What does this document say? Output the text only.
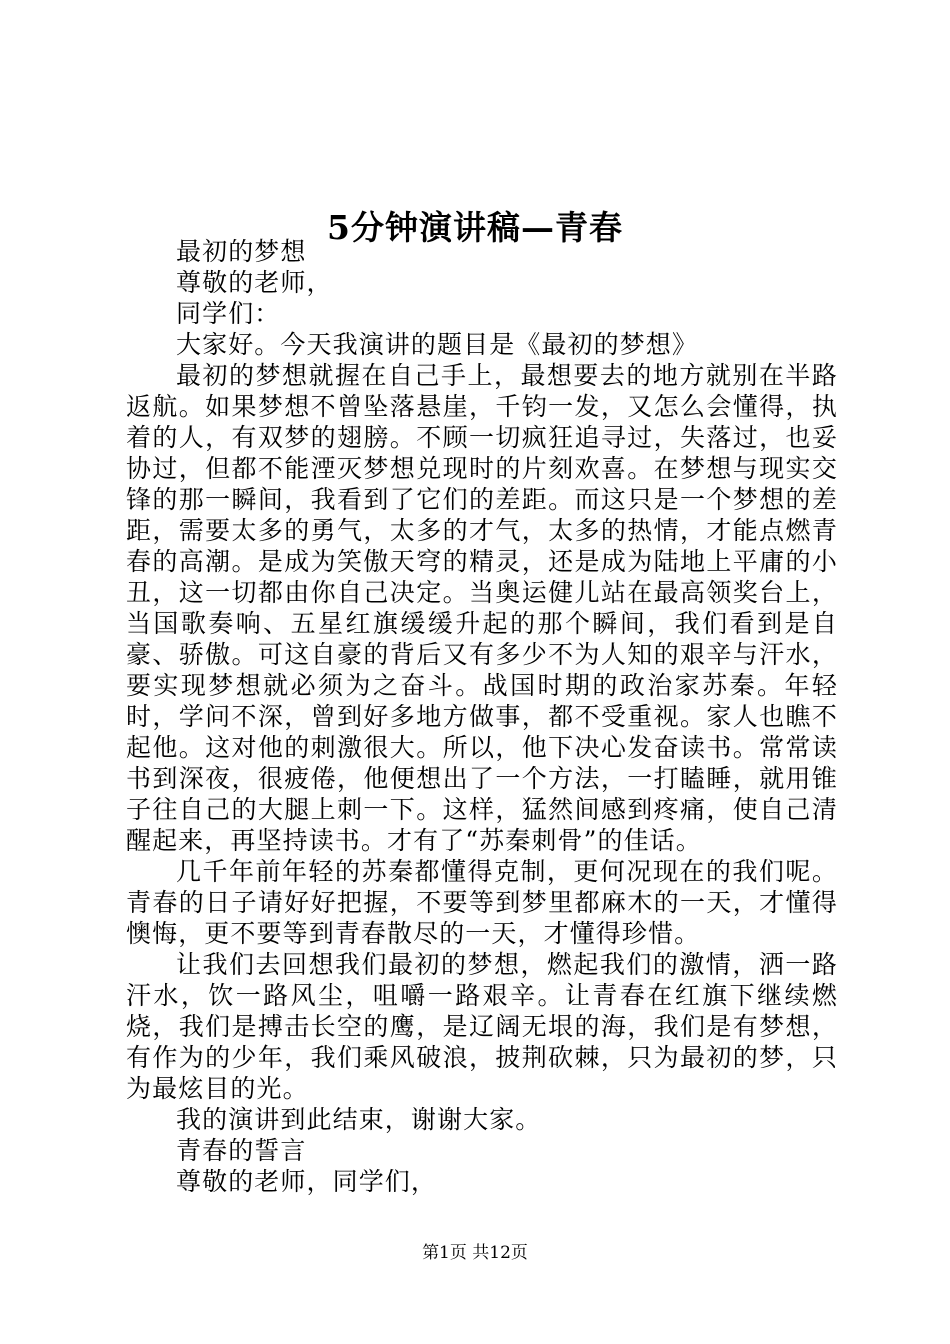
5分钟演讲稿—青春

最初的梦想

尊敬的老师，

同学们：

大家好。今天我演讲的题目是《最初的梦想》

最初的梦想就握在自己手上，最想要去的地方就别在半路返航。如果梦想不曾坠落悬崖，千钧一发，又怎么会懂得，执着的人，有双梦的翅膀。不顾一切疯狂追寻过，失落过，也妥协过，但都不能湮灭梦想兑现时的片刻欢喜。在梦想与现实交锋的那一瞬间，我看到了它们的差距。而这只是一个梦想的差距，需要太多的勇气，太多的才气，太多的热情，才能点燃青春的高潮。是成为笑傲天穹的精灵，还是成为陆地上平庸的小丑，这一切都由你自己决定。当奥运健儿站在最高领奖台上，当国歌奏响、五星红旗缓缓升起的那个瞬间，我们看到是自豪、骄傲。可这自豪的背后又有多少不为人知的艰辛与汗水，要实现梦想就必须为之奋斗。战国时期的政治家苏秦。年轻时，学问不深，曾到好多地方做事，都不受重视。家人也瞧不起他。这对他的刺激很大。所以，他下决心发奋读书。常常读书到深夜，很疲倦，他便想出了一个方法，一打瞌睡，就用锥子往自己的大腿上刺一下。这样，猛然间感到疼痛，使自己清醒起来，再坚持读书。才有了“苏秦刺骨”的佳话。

几千年前年轻的苏秦都懂得克制，更何况现在的我们呢。青春的日子请好好把握，不要等到梦里都麻木的一天，才懂得懊悔，更不要等到青春散尽的一天，才懂得珍惜。

让我们去回想我们最初的梦想，燃起我们的激情，洒一路汗水，饮一路风尘，咀嚼一路艰辛。让青春在红旗下继续燃烧，我们是搏击长空的鹰，是辽阔无垠的海，我们是有梦想，有作为的少年，我们乘风破浪，披荆砍棘，只为最初的梦，只为最炫目的光。

我的演讲到此结束，谢谢大家。

青春的誓言

尊敬的老师，同学们，

第1页 共12页
